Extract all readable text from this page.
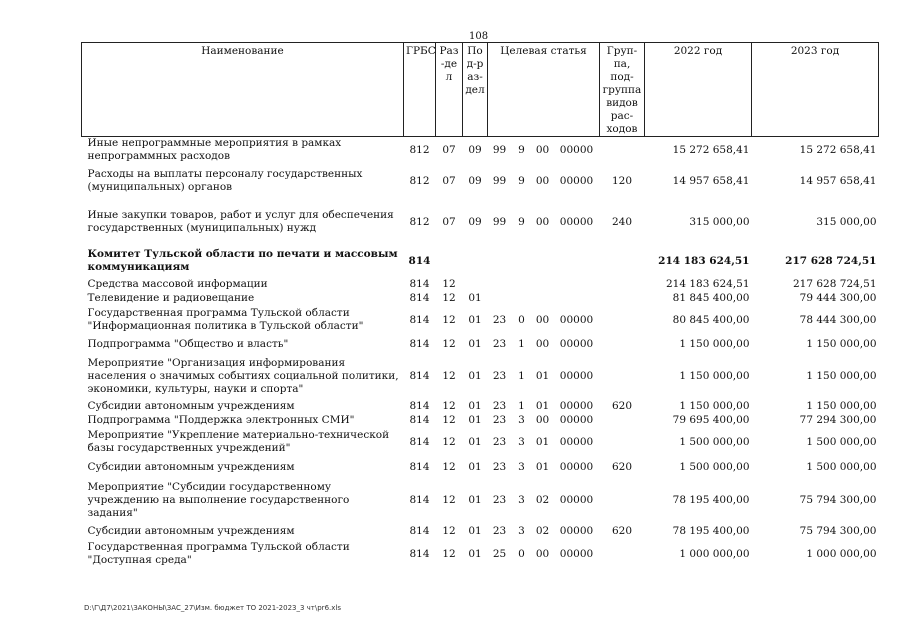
108
Наименование	ГРБС	Раз-дел	Под-раз-дел	Целевая статья				Груп-па, под-группа видов рас-ходов	2022 год	2023 год
Иные непрограммные мероприятия в рамках непрограммных расходов	812	07	09	99	9	00	00000		15 272 658,41	15 272 658,41
Расходы на выплаты персоналу государственных (муниципальных) органов	812	07	09	99	9	00	00000	120	14 957 658,41	14 957 658,41
Иные закупки товаров, работ и услуг для обеспечения государственных (муниципальных) нужд	812	07	09	99	9	00	00000	240	315 000,00	315 000,00
Комитет Тульской области по печати и массовым коммуникациям	814								214 183 624,51	217 628 724,51
Средства массовой информации	814	12							214 183 624,51	217 628 724,51
Телевидение и радиовещание	814	12	01						81 845 400,00	79 444 300,00
Государственная программа Тульской области "Информационная политика в Тульской области"	814	12	01	23	0	00	00000		80 845 400,00	78 444 300,00
Подпрограмма "Общество и власть"	814	12	01	23	1	00	00000		1 150 000,00	1 150 000,00
Мероприятие "Организация информирования населения о значимых событиях социальной политики, экономики, культуры, науки и спорта"	814	12	01	23	1	01	00000		1 150 000,00	1 150 000,00
Субсидии автономным учреждениям	814	12	01	23	1	01	00000	620	1 150 000,00	1 150 000,00
Подпрограмма "Поддержка электронных СМИ"	814	12	01	23	3	00	00000		79 695 400,00	77 294 300,00
Мероприятие "Укрепление материально-технической базы государственных учреждений"	814	12	01	23	3	01	00000		1 500 000,00	1 500 000,00
Субсидии автономным учреждениям	814	12	01	23	3	01	00000	620	1 500 000,00	1 500 000,00
Мероприятие "Субсидии государственному учреждению на выполнение государственного задания"	814	12	01	23	3	02	00000		78 195 400,00	75 794 300,00
Субсидии автономным учреждениям	814	12	01	23	3	02	00000	620	78 195 400,00	75 794 300,00
Государственная программа Тульской области "Доступная среда"	814	12	01	25	0	00	00000		1 000 000,00	1 000 000,00
D:\Г\Д7\2021\ЗАКОНЫ\ЗАС_27\Изм. бюджет ТО 2021-2023_3 чт\pr6.xls
